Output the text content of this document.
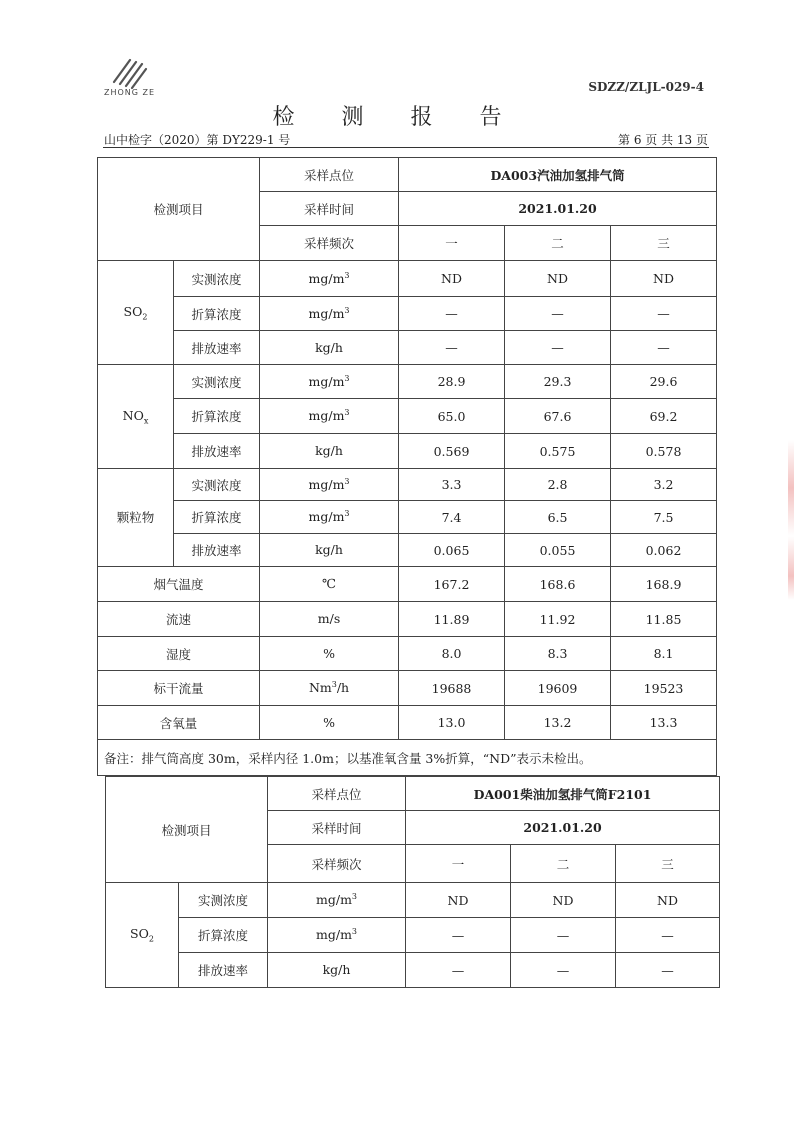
ZHONG ZE	SDZZ/ZLJL-029-4
检 测 报 告
山中检字（2020）第 DY229-1 号	第 6 页 共 13 页
检测项目		采样点位	DA003汽油加氢排气筒		
		采样时间	2021.01.20		
		采样频次	一	二	三
$SO_2$	实测浓度	$mg/m^3$	ND	ND	ND
	折算浓度	$mg/m^3$	—	—	—
	排放速率	kg/h	—	—	—
$NO_x$	实测浓度	$mg/m^3$	28.9	29.3	29.6
	折算浓度	$mg/m^3$	65.0	67.6	69.2
	排放速率	kg/h	0.569	0.575	0.578
颗粒物	实测浓度	$mg/m^3$	3.3	2.8	3.2
	折算浓度	$mg/m^3$	7.4	6.5	7.5
	排放速率	kg/h	0.065	0.055	0.062
烟气温度		℃	167.2	168.6	168.9
流速		m/s	11.89	11.92	11.85
湿度		%	8.0	8.3	8.1
标干流量		Nm$^3$/h	19688	19609	19523
含氧量		%	13.0	13.2	13.3
备注：排气筒高度 30m，采样内径 1.0m；以基准氧含量 3%折算，“ND”表示未检出。					
检测项目		采样点位	DA001柴油加氢排气筒F2101		
		采样时间	2021.01.20		
		采样频次	一	二	三
$SO_2$	实测浓度	$mg/m^3$	ND	ND	ND
	折算浓度	$mg/m^3$	—	—	—
	排放速率	kg/h	—	—	—
